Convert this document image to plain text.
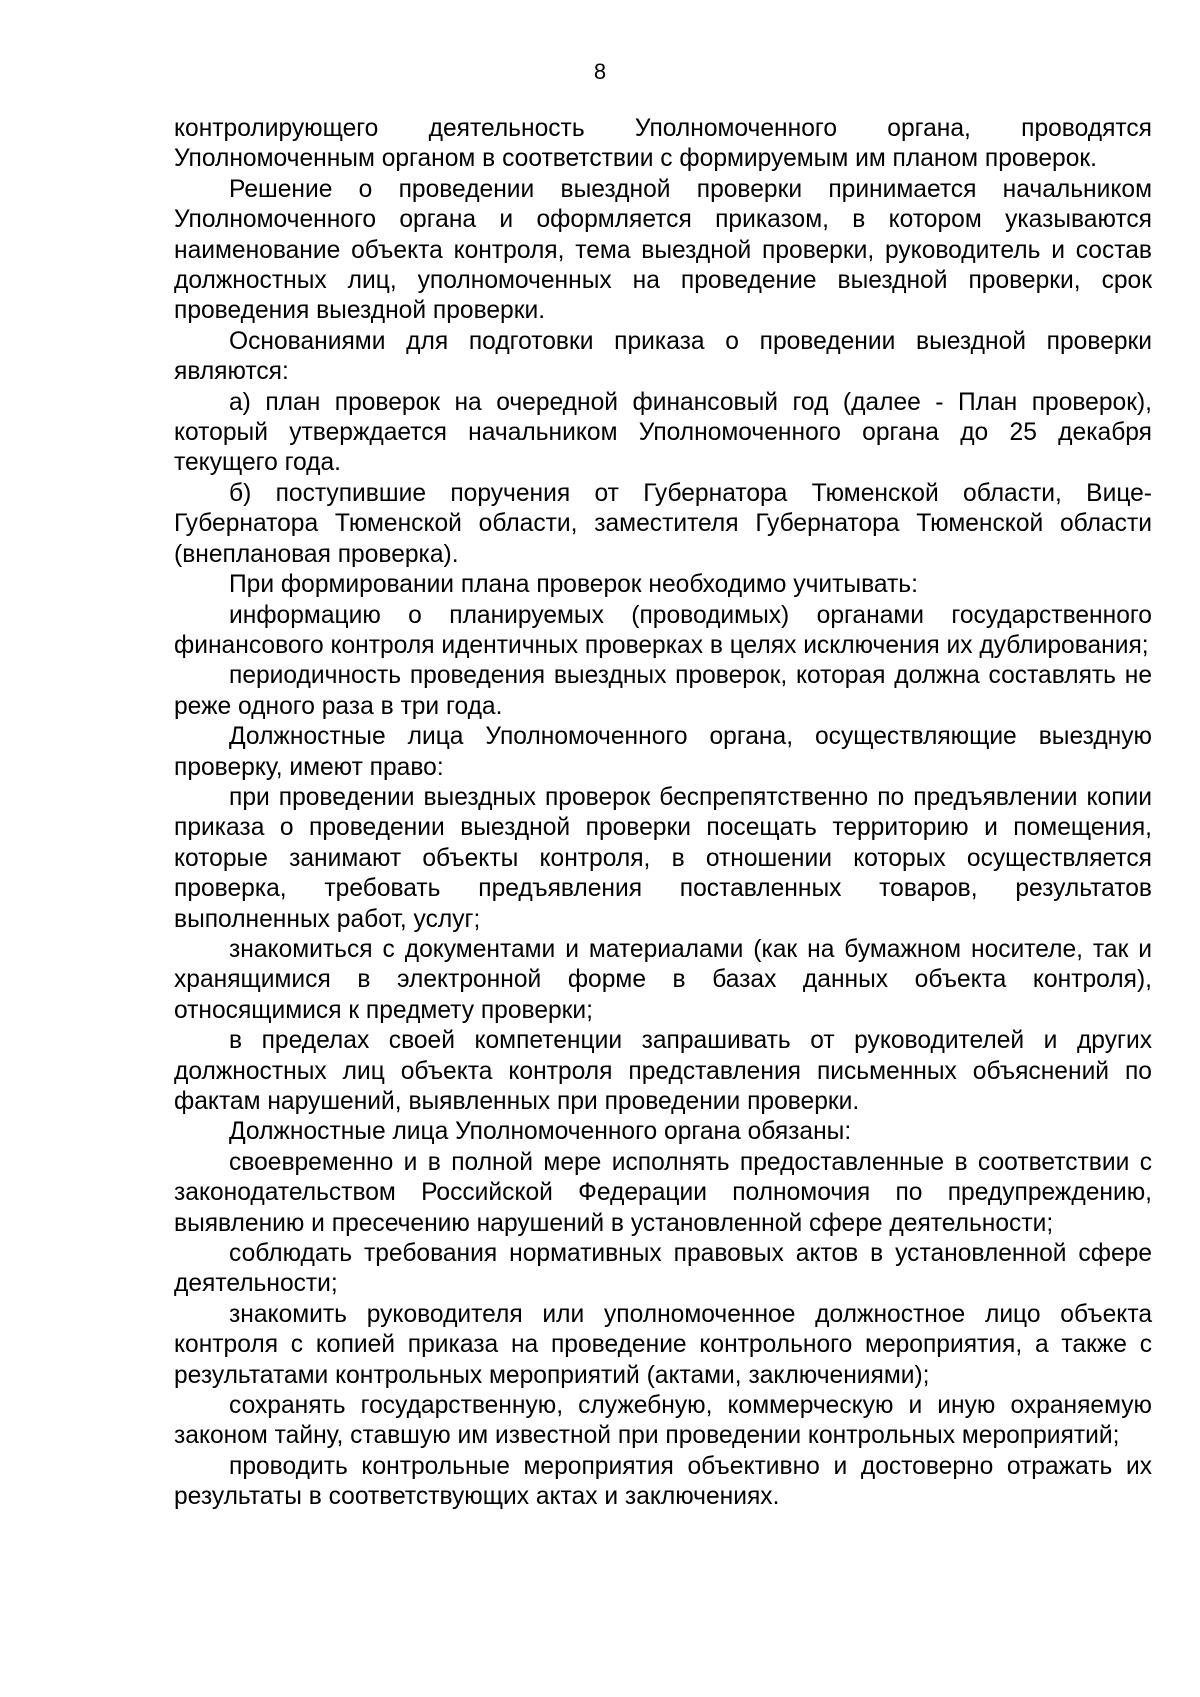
8

контролирующего деятельность Уполномоченного органа, проводятся Уполномоченным органом в соответствии с формируемым им планом проверок.

Решение о проведении выездной проверки принимается начальником Уполномоченного органа и оформляется приказом, в котором указываются наименование объекта контроля, тема выездной проверки, руководитель и состав должностных лиц, уполномоченных на проведение выездной проверки, срок проведения выездной проверки.

Основаниями для подготовки приказа о проведении выездной проверки являются:

а) план проверок на очередной финансовый год (далее - План проверок), который утверждается начальником Уполномоченного органа до 25 декабря текущего года.

б) поступившие поручения от Губернатора Тюменской области, Вице-Губернатора Тюменской области, заместителя Губернатора Тюменской области (внеплановая проверка).

При формировании плана проверок необходимо учитывать:

информацию о планируемых (проводимых) органами государственного финансового контроля идентичных проверках в целях исключения их дублирования;

периодичность проведения выездных проверок, которая должна составлять не реже одного раза в три года.

Должностные лица Уполномоченного органа, осуществляющие выездную проверку, имеют право:

при проведении выездных проверок беспрепятственно по предъявлении копии приказа о проведении выездной проверки посещать территорию и помещения, которые занимают объекты контроля, в отношении которых осуществляется проверка, требовать предъявления поставленных товаров, результатов выполненных работ, услуг;

знакомиться с документами и материалами (как на бумажном носителе, так и хранящимися в электронной форме в базах данных объекта контроля), относящимися к предмету проверки;

в пределах своей компетенции запрашивать от руководителей и других должностных лиц объекта контроля представления письменных объяснений по фактам нарушений, выявленных при проведении проверки.

Должностные лица Уполномоченного органа обязаны:

своевременно и в полной мере исполнять предоставленные в соответствии с законодательством Российской Федерации полномочия по предупреждению, выявлению и пресечению нарушений в установленной сфере деятельности;

соблюдать требования нормативных правовых актов в установленной сфере деятельности;

знакомить руководителя или уполномоченное должностное лицо объекта контроля с копией приказа на проведение контрольного мероприятия, а также с результатами контрольных мероприятий (актами, заключениями);

сохранять государственную, служебную, коммерческую и иную охраняемую законом тайну, ставшую им известной при проведении контрольных мероприятий;

проводить контрольные мероприятия объективно и достоверно отражать их результаты в соответствующих актах и заключениях.
